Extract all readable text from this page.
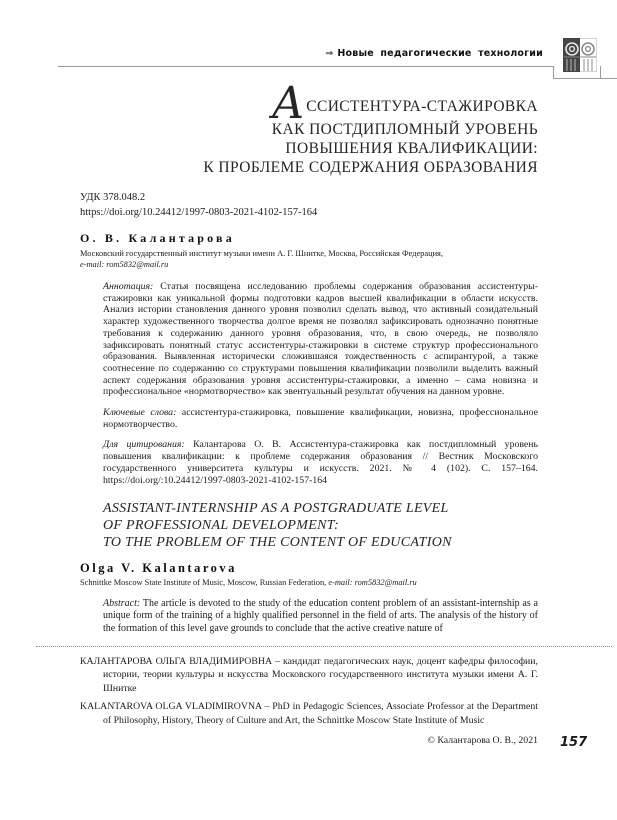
⇒ Новые педагогические технологии
АССИСТЕНТУРА-СТАЖИРОВКА
КАК ПОСТДИПЛОМНЫЙ УРОВЕНЬ
ПОВЫШЕНИЯ КВАЛИФИКАЦИИ:
К ПРОБЛЕМЕ СОДЕРЖАНИЯ ОБРАЗОВАНИЯ
УДК 378.048.2
https://doi.org/10.24412/1997-0803-2021-4102-157-164
О. В. Калантарова
Московский государственный институт музыки имени А. Г. Шнитке, Москва, Российская Федерация,
e-mail: rom5832@mail.ru

Аннотация: Статья посвящена исследованию проблемы содержания образования ассистентуры-стажировки как уникальной формы подготовки кадров высшей квалификации в области искусств. Анализ истории становления данного уровня позволил сделать вывод, что активный созидательный характер художественного творчества долгое время не позволял зафиксировать однозначно понятные требования к содержанию данного уровня образования, что, в свою очередь, не позволяло зафиксировать понятный статус ассистентуры-стажировки в системе структур профессионального образования. Выявленная исторически сложившаяся тождественность с аспирантурой, а также соотнесение по содержанию со структурами повышения квалификации позволили выделить важный аспект содержания образования уровня ассистентуры-стажировки, а именно – сама новизна и профессиональное «нормотворчество» как эвентуальный результат обучения на данном уровне.

Ключевые слова: ассистентура-стажировка, повышение квалификации, новизна, профессиональное нормотворчество.

Для цитирования: Калантарова О. В. Ассистентура-стажировка как постдипломный уровень повышения квалификации: к проблеме содержания образования // Вестник Московского государственного университета культуры и искусств. 2021. № 4 (102). С. 157–164. https://doi.org/:10.24412/1997-0803-2021-4102-157-164

ASSISTANT-INTERNSHIP AS A POSTGRADUATE LEVEL
OF PROFESSIONAL DEVELOPMENT:
TO THE PROBLEM OF THE CONTENT OF EDUCATION
Olga V. Kalantarova
Schnittke Moscow State Institute of Music, Moscow, Russian Federation, e-mail: rom5832@mail.ru

Abstract: The article is devoted to the study of the education content problem of an assistant-internship as a unique form of the training of a highly qualified personnel in the field of arts. The analysis of the history of the formation of this level gave grounds to conclude that the active creative nature of

КАЛАНТАРОВА ОЛЬГА ВЛАДИМИРОВНА – кандидат педагогических наук, доцент кафедры философии, истории, теории культуры и искусства Московского государственного института музыки имени А. Г. Шнитке

KALANTAROVA OLGA VLADIMIROVNA – PhD in Pedagogic Sciences, Associate Professor at the Department of Philosophy, History, Theory of Culture and Art, the Schnittke Moscow State Institute of Music

© Калантарова О. В., 2021 157
